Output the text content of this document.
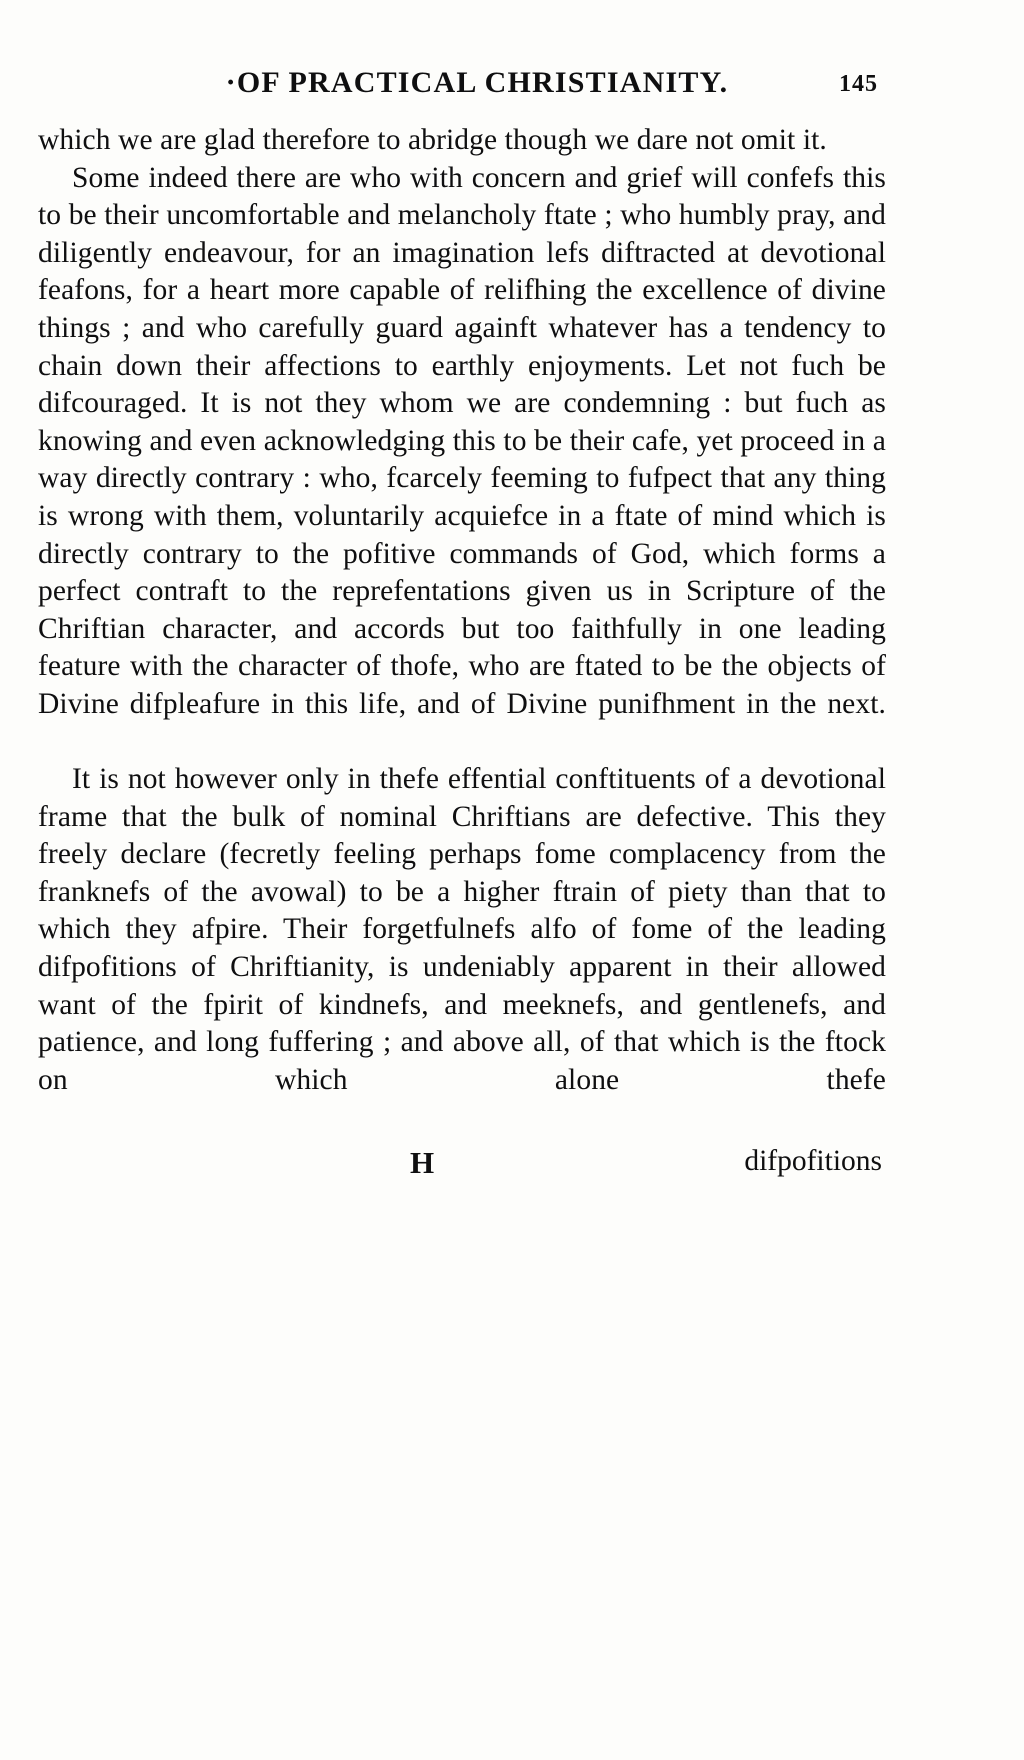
·OF PRACTICAL CHRISTIANITY.	145

which we are glad therefore to abridge though we dare not omit it.

Some indeed there are who with concern and grief will confefs this to be their uncomfortable and melancholy ftate ; who humbly pray, and diligently endeavour, for an imagination lefs diftracted at devotional feafons, for a heart more capable of relifhing the excellence of divine things ; and who carefully guard againft whatever has a tendency to chain down their affections to earthly enjoyments. Let not fuch be difcouraged. It is not they whom we are condemning : but fuch as knowing and even acknowledging this to be their cafe, yet proceed in a way directly contrary : who, fcarcely feeming to fufpect that any thing is wrong with them, voluntarily acquiefce in a ftate of mind which is directly contrary to the pofitive commands of God, which forms a perfect contraft to the reprefentations given us in Scripture of the Chriftian character, and accords but too faithfully in one leading feature with the character of thofe, who are ftated to be the objects of Divine difpleafure in this life, and of Divine punifhment in the next.

It is not however only in thefe effential conftituents of a devotional frame that the bulk of nominal Chriftians are defective. This they freely declare (fecretly feeling perhaps fome complacency from the franknefs of the avowal) to be a higher ftrain of piety than that to which they afpire. Their forgetfulnefs alfo of fome of the leading difpofitions of Chriftianity, is undeniably apparent in their allowed want of the fpirit of kindnefs, and meeknefs, and gentlenefs, and patience, and long fuffering ; and above all, of that which is the ftock on which alone thefe

H	difpofitions
